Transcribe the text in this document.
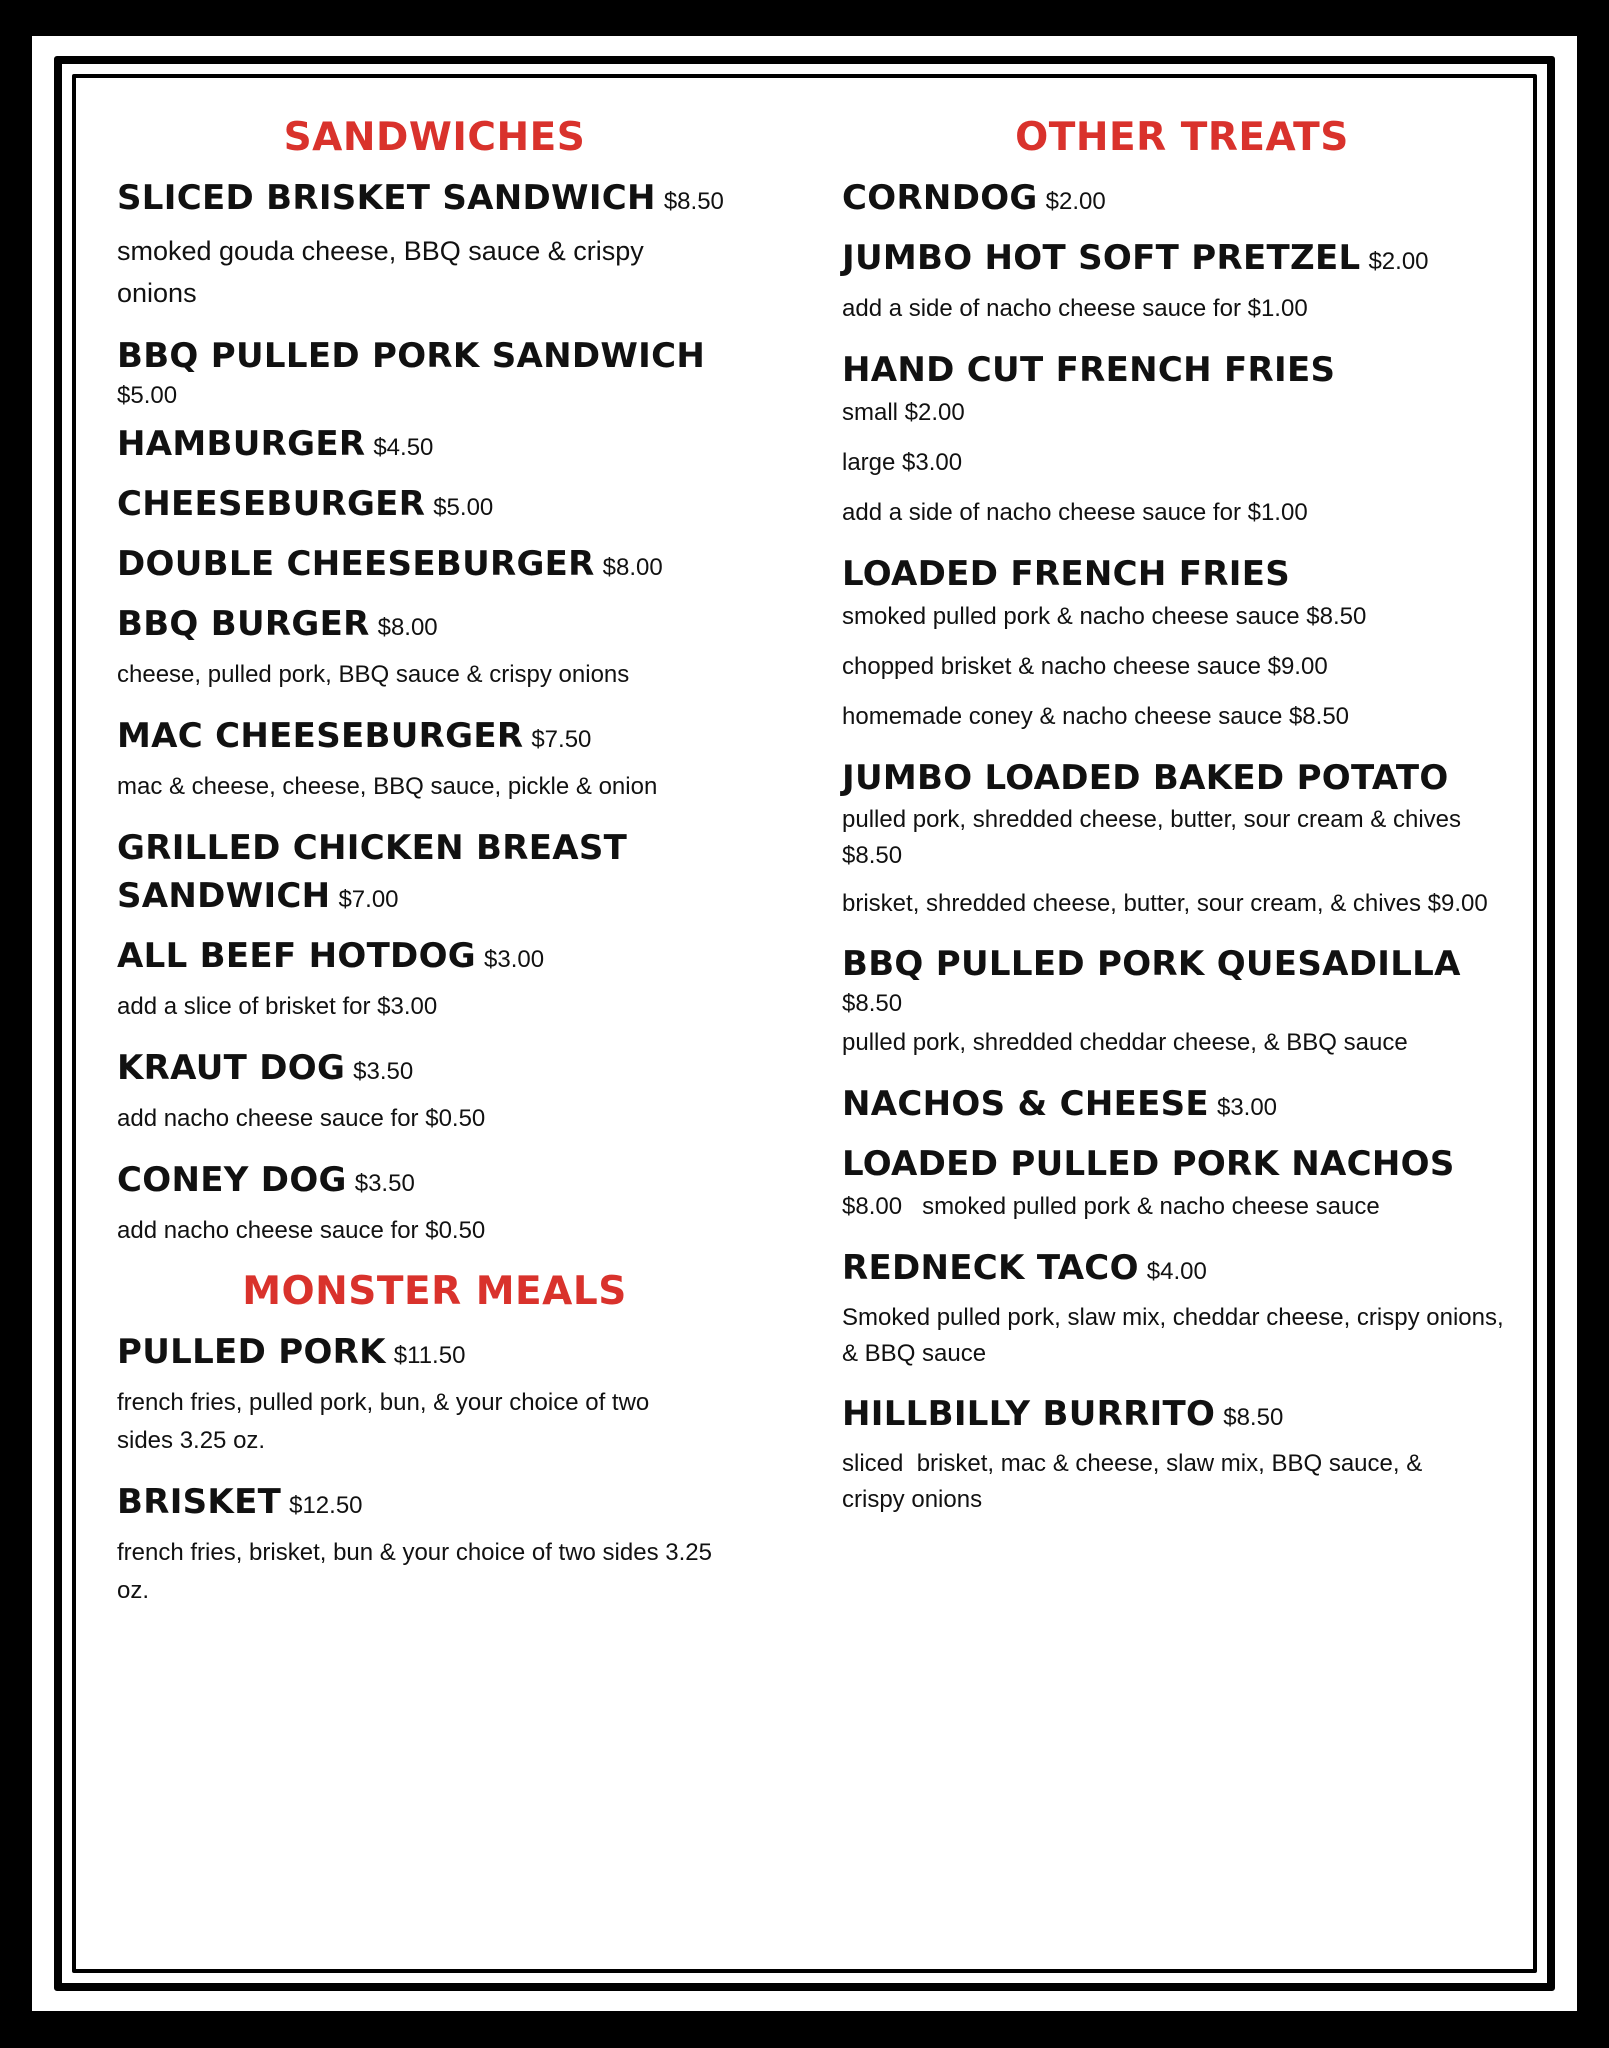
SANDWICHES
SLICED BRISKET SANDWICH $8.50
smoked gouda cheese, BBQ sauce & crispy onions
BBQ PULLED PORK SANDWICH
$5.00
HAMBURGER $4.50
CHEESEBURGER $5.00
DOUBLE CHEESEBURGER $8.00
BBQ BURGER $8.00
cheese, pulled pork, BBQ sauce & crispy onions
MAC CHEESEBURGER $7.50
mac & cheese, cheese, BBQ sauce, pickle & onion
GRILLED CHICKEN BREAST SANDWICH $7.00
ALL BEEF HOTDOG $3.00
add a slice of brisket for $3.00
KRAUT DOG $3.50
add nacho cheese sauce for $0.50
CONEY DOG $3.50
add nacho cheese sauce for $0.50
MONSTER MEALS
PULLED PORK $11.50
french fries, pulled pork, bun, & your choice of two sides 3.25 oz.
BRISKET $12.50
french fries, brisket, bun & your choice of two sides 3.25 oz.
OTHER TREATS
CORNDOG $2.00
JUMBO HOT SOFT PRETZEL $2.00
add a side of nacho cheese sauce for $1.00
HAND CUT FRENCH FRIES
small $2.00
large $3.00
add a side of nacho cheese sauce for $1.00
LOADED FRENCH FRIES
smoked pulled pork & nacho cheese sauce $8.50
chopped brisket & nacho cheese sauce $9.00
homemade coney & nacho cheese sauce $8.50
JUMBO LOADED BAKED POTATO
pulled pork, shredded cheese, butter, sour cream & chives $8.50
brisket, shredded cheese, butter, sour cream, & chives $9.00
BBQ PULLED PORK QUESADILLA
$8.50
pulled pork, shredded cheddar cheese, & BBQ sauce
NACHOS & CHEESE $3.00
LOADED PULLED PORK NACHOS
$8.00   smoked pulled pork & nacho cheese sauce
REDNECK TACO $4.00
Smoked pulled pork, slaw mix, cheddar cheese, crispy onions, & BBQ sauce
HILLBILLY BURRITO $8.50
sliced  brisket, mac & cheese, slaw mix, BBQ sauce, & crispy onions
